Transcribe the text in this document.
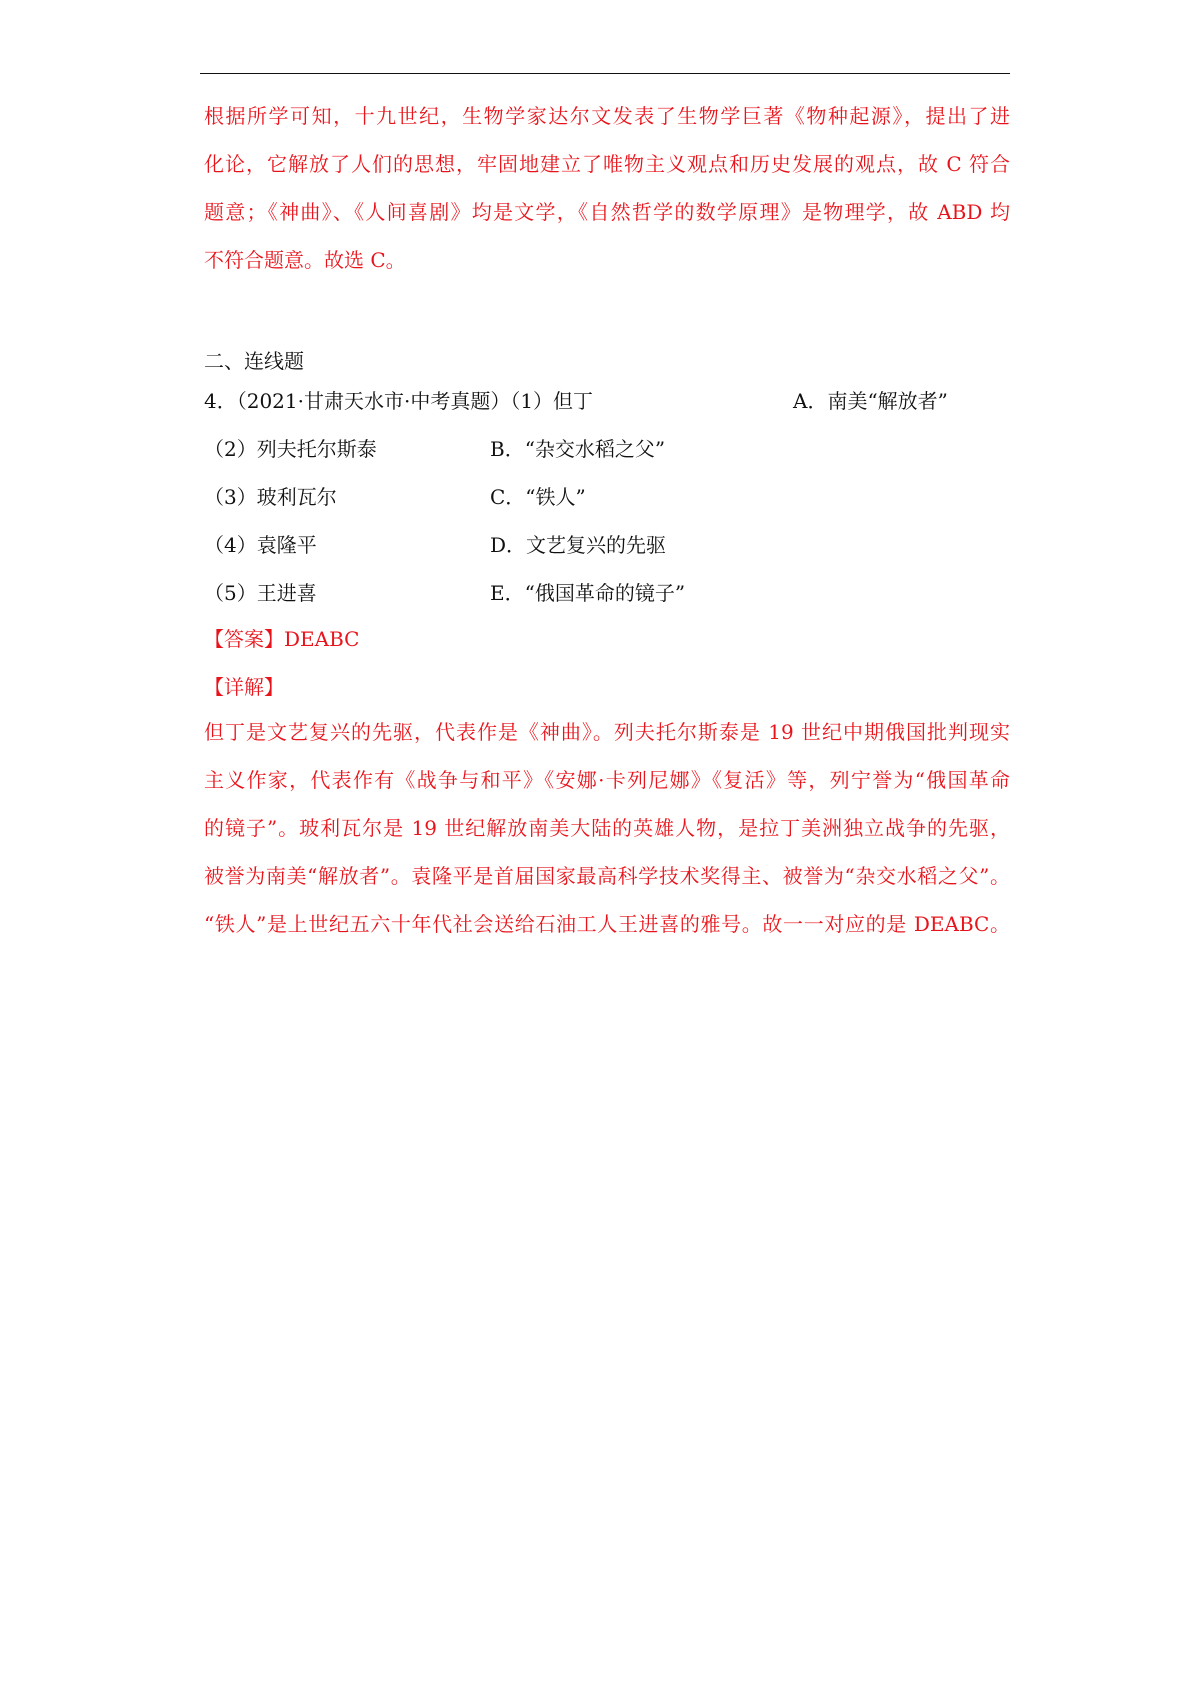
根据所学可知，十九世纪，生物学家达尔文发表了生物学巨著《物种起源》，提出了进
化论，它解放了人们的思想，牢固地建立了唯物主义观点和历史发展的观点，故 C 符合
题意；《神曲》、《人间喜剧》均是文学，《自然哲学的数学原理》是物理学，故 ABD 均
不符合题意。故选 C。
二、连线题
4．（2021·甘肃天水市·中考真题）（1）但丁	A．南美“解放者”
（2）列夫托尔斯泰	B．“杂交水稻之父”
（3）玻利瓦尔	C．“铁人”
（4）袁隆平	D．文艺复兴的先驱
（5）王进喜	E．“俄国革命的镜子”
【答案】DEABC
【详解】
但丁是文艺复兴的先驱，代表作是《神曲》。列夫托尔斯泰是 19 世纪中期俄国批判现实
主义作家，代表作有《战争与和平》《安娜·卡列尼娜》《复活》等，列宁誉为“俄国革命
的镜子”。玻利瓦尔是 19 世纪解放南美大陆的英雄人物，是拉丁美洲独立战争的先驱，
被誉为南美“解放者”。袁隆平是首届国家最高科学技术奖得主、被誉为“杂交水稻之父”。
“铁人”是上世纪五六十年代社会送给石油工人王进喜的雅号。故一一对应的是 DEABC。
